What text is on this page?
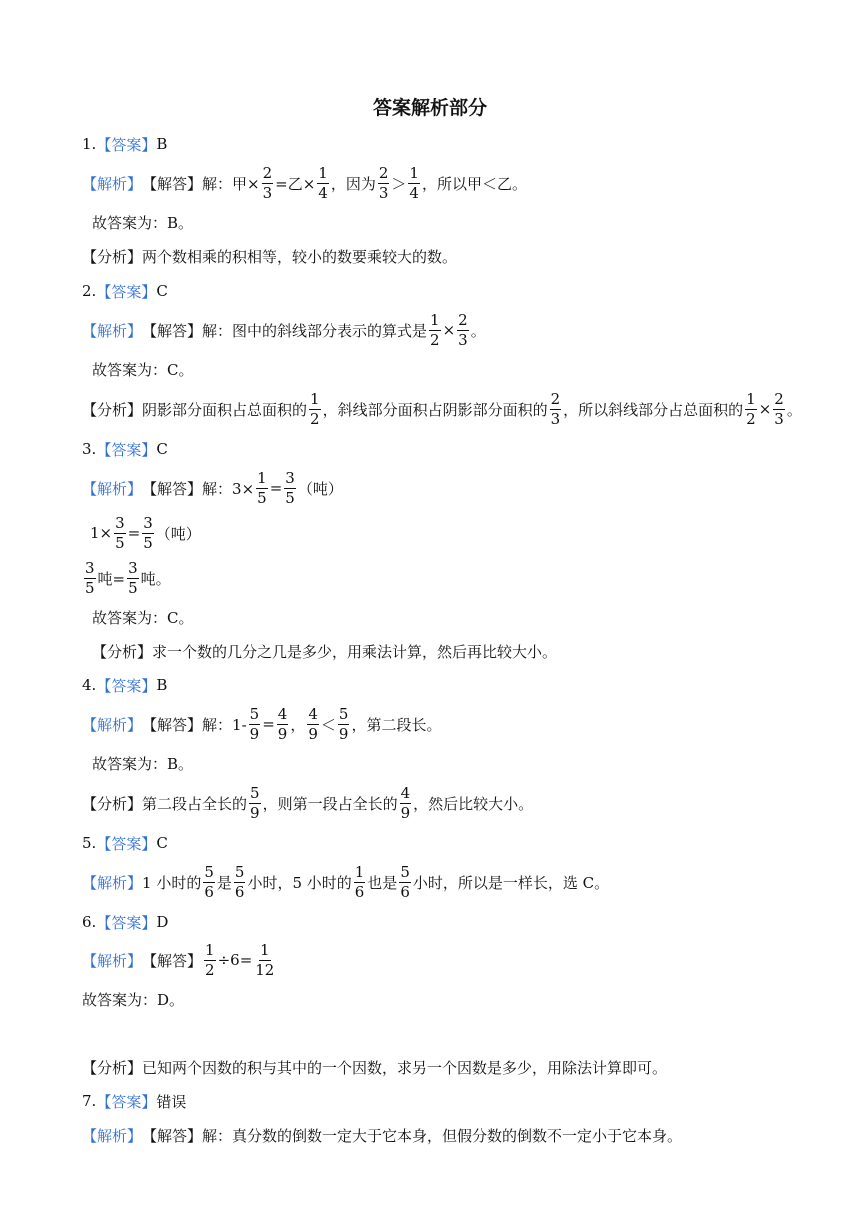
答案解析部分
1. 【答案】 B
【解析】 【解答】 解：甲× $\frac{2}{3}$ =乙× $\frac{1}{4}$ ，因为 $\frac{2}{3} > \frac{1}{4}$ ，所以甲＜乙。
故答案为：B。
【分析】 两个数相乘的积相等，较小的数要乘较大的数。
2. 【答案】 C
【解析】 【解答】 解：图中的斜线部分表示的算式是 $\frac{1}{2} \times \frac{2}{3}$ 。
故答案为：C。
【分析】 阴影部分面积占总面积的 $\frac{1}{2}$ ，斜线部分面积占阴影部分面积的 $\frac{2}{3}$ ，所以斜线部分占总面积的 $\frac{1}{2} \times \frac{2}{3}$ 。
3. 【答案】 C
【解析】 【解答】 解：$3\times \frac{1}{5} = \frac{3}{5}$ （吨）
$1\times \frac{3}{5} = \frac{3}{5}$ （吨）
$\frac{3}{5}$ 吨= $\frac{3}{5}$ 吨。
故答案为：C。
【分析】 求一个数的几分之几是多少，用乘法计算，然后再比较大小。
4. 【答案】 B
【解析】 【解答】 解：$1- \frac{5}{9} = \frac{4}{9}$ ， $\frac{4}{9} < \frac{5}{9}$ ，第二段长。
故答案为：B。
【分析】 第二段占全长的 $\frac{5}{9}$ ，则第一段占全长的 $\frac{4}{9}$ ，然后比较大小。
5. 【答案】 C
【解析】 1 小时的 $\frac{5}{6}$ 是 $\frac{5}{6}$ 小时，5 小时的 $\frac{1}{6}$ 也是 $\frac{5}{6}$ 小时，所以是一样长，选 C。
6. 【答案】 D
【解析】 【解答】 $\frac{1}{2} \div 6= \frac{1}{12}$
故答案为：D。
【分析】 已知两个因数的积与其中的一个因数，求另一个因数是多少，用除法计算即可。
7. 【答案】 错误
【解析】 【解答】 解：真分数的倒数一定大于它本身，但假分数的倒数不一定小于它本身。
